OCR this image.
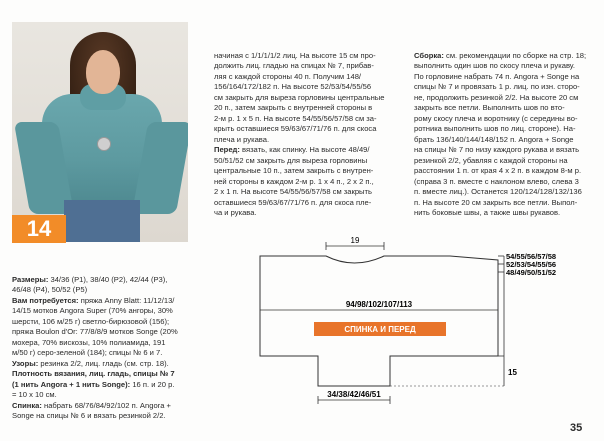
14

Размеры: 34/36 (P1), 38/40 (P2), 42/44 (P3),
46/48 (P4), 50/52 (P5)
Вам потребуется: пряжа Anny Blatt: 11/12/13/
14/15 мотков Angora Super (70% ангоры, 30%
шерсти, 106 м/25 г) светло-бирюзовой (156);
пряжа Boulon d'Or: 77/8/8/9 мотков Songe (20%
мохера, 70% вискозы, 10% полиамида, 191
м/50 г) серо-зеленой (184); спицы № 6 и 7.
Узоры: резинка 2/2, лиц. гладь (см. стр. 18).
Плотность вязания, лиц. гладь, спицы № 7
(1 нить Angora + 1 нить Songe): 16 п. и 20 р.
= 10 х 10 см.
Спинка: набрать 68/76/84/92/102 п. Angora +
Songe на спицы № 6 и вязать резинкой 2/2.

начиная с 1/1/1/1/2 лиц. На высоте 15 см про-
должить лиц. гладью на спицах № 7, прибав-
ляя с каждой стороны 40 п. Получим 148/
156/164/172/182 п. На высоте 52/53/54/55/56
см закрыть для выреза горловины центральные
20 п., затем закрыть с внутренней стороны в
2-м р. 1 х 5 п. На высоте 54/55/56/57/58 см за-
крыть оставшиеся 59/63/67/71/76 п. для скоса
плеча и рукава.
Перед: вязать, как спинку. На высоте 48/49/
50/51/52 см закрыть для выреза горловины
центральные 10 п., затем закрыть с внутрен-
ней стороны в каждом 2-м р. 1 х 4 п., 2 х 2 п.,
2 х 1 п. На высоте 54/55/56/57/58 см закрыть
оставшиеся 59/63/67/71/76 п. для скоса пле-
ча и рукава.

Сборка: см. рекомендации по сборке на стр. 18;
выполнить один шов по скосу плеча и рукаву.
По горловине набрать 74 п. Angora + Songe на
спицы № 7 и провязать 1 р. лиц. по изн. сторо-
не, продолжить резинкой 2/2. На высоте 20 см
закрыть все петли. Выполнить шов по вто-
рому скосу плеча и воротнику (с середины во-
ротника выполнить шов по лиц. стороне). На-
брать 136/140/144/148/152 п. Angora + Songe
на спицы № 7 по низу каждого рукава и вязать
резинкой 2/2, убавляя с каждой стороны на
расстоянии 1 п. от края 4 х 2 п. в каждом 8-м р.
(справа 3 п. вместе с наклоном влево, слева 3
п. вместе лиц.). Останется 120/124/128/132/136
п. На высоте 20 см закрыть все петли. Выпол-
нить боковые швы, а также швы рукавов.

19
94/98/102/107/113
СПИНКА И ПЕРЕД
54/55/56/57/58
52/53/54/55/56
48/49/50/51/52
15
34/38/42/46/51
35
